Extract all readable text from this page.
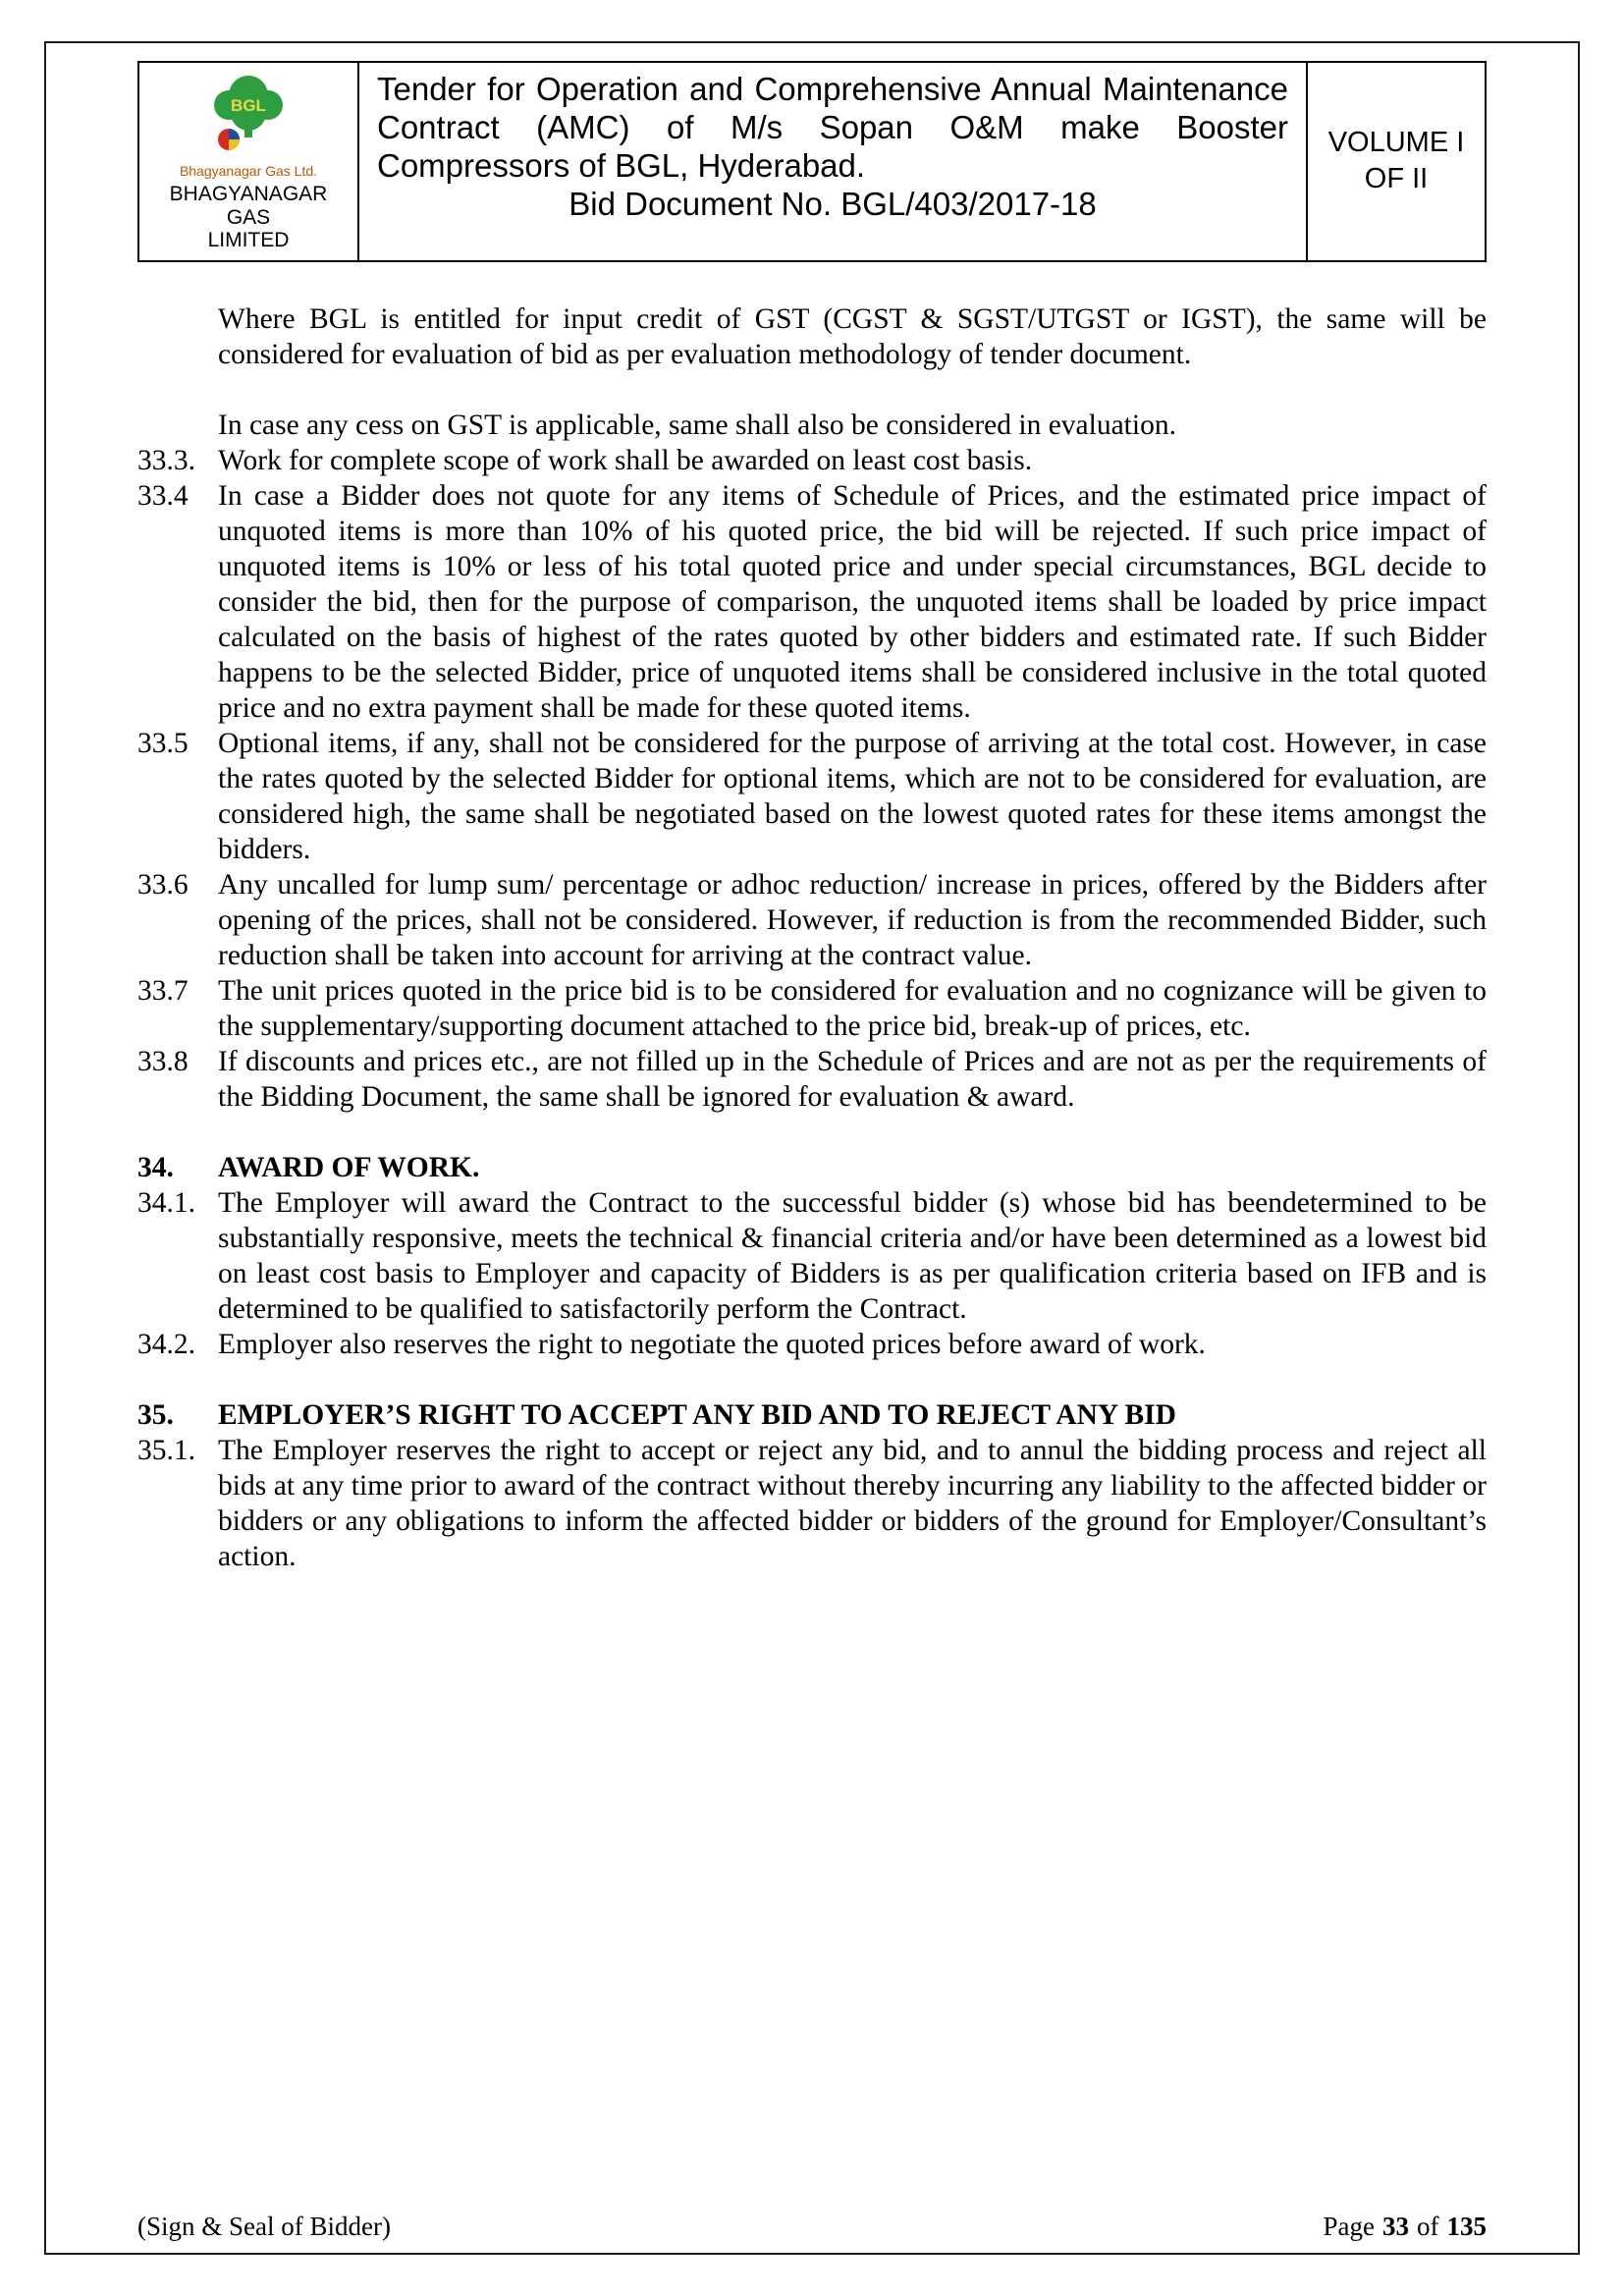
BGL
Bhagyanagar Gas Ltd.
BHAGYANAGAR GAS
LIMITED
Tender for Operation and Comprehensive Annual Maintenance Contract (AMC) of M/s Sopan O&M make Booster Compressors of BGL, Hyderabad.
Bid Document No. BGL/403/2017-18
VOLUME I
OF II
Where BGL is entitled for input credit of GST (CGST & SGST/UTGST or IGST), the same will be considered for evaluation of bid as per evaluation methodology of tender document.
In case any cess on GST is applicable, same shall also be considered in evaluation.
33.3. Work for complete scope of work shall be awarded on least cost basis.
33.4	In case a Bidder does not quote for any items of Schedule of Prices, and the estimated price impact of unquoted items is more than 10% of his quoted price, the bid will be rejected. If such price impact of unquoted items is 10% or less of his total quoted price and under special circumstances, BGL decide to consider the bid, then for the purpose of comparison, the unquoted items shall be loaded by price impact calculated on the basis of highest of the rates quoted by other bidders and estimated rate. If such Bidder happens to be the selected Bidder, price of unquoted items shall be considered inclusive in the total quoted price and no extra payment shall be made for these quoted items.
33.5	Optional items, if any, shall not be considered for the purpose of arriving at the total cost. However, in case the rates quoted by the selected Bidder for optional items, which are not to be considered for evaluation, are considered high, the same shall be negotiated based on the lowest quoted rates for these items amongst the bidders.
33.6	Any uncalled for lump sum/ percentage or adhoc reduction/ increase in prices, offered by the Bidders after opening of the prices, shall not be considered. However, if reduction is from the recommended Bidder, such reduction shall be taken into account for arriving at the contract value.
33.7	The unit prices quoted in the price bid is to be considered for evaluation and no cognizance will be given to the supplementary/supporting document attached to the price bid, break-up of prices, etc.
33.8	If discounts and prices etc., are not filled up in the Schedule of Prices and are not as per the requirements of the Bidding Document, the same shall be ignored for evaluation & award.
34.	AWARD OF WORK.
34.1. The Employer will award the Contract to the successful bidder (s) whose bid has beendetermined to be substantially responsive, meets the technical & financial criteria and/or have been determined as a lowest bid on least cost basis to Employer and capacity of Bidders is as per qualification criteria based on IFB and is determined to be qualified to satisfactorily perform the Contract.
34.2. Employer also reserves the right to negotiate the quoted prices before award of work.
35.	EMPLOYER’S RIGHT TO ACCEPT ANY BID AND TO REJECT ANY BID
35.1. The Employer reserves the right to accept or reject any bid, and to annul the bidding process and reject all bids at any time prior to award of the contract without thereby incurring any liability to the affected bidder or bidders or any obligations to inform the affected bidder or bidders of the ground for Employer/Consultant’s action.
(Sign & Seal of Bidder)	Page 33 of 135
